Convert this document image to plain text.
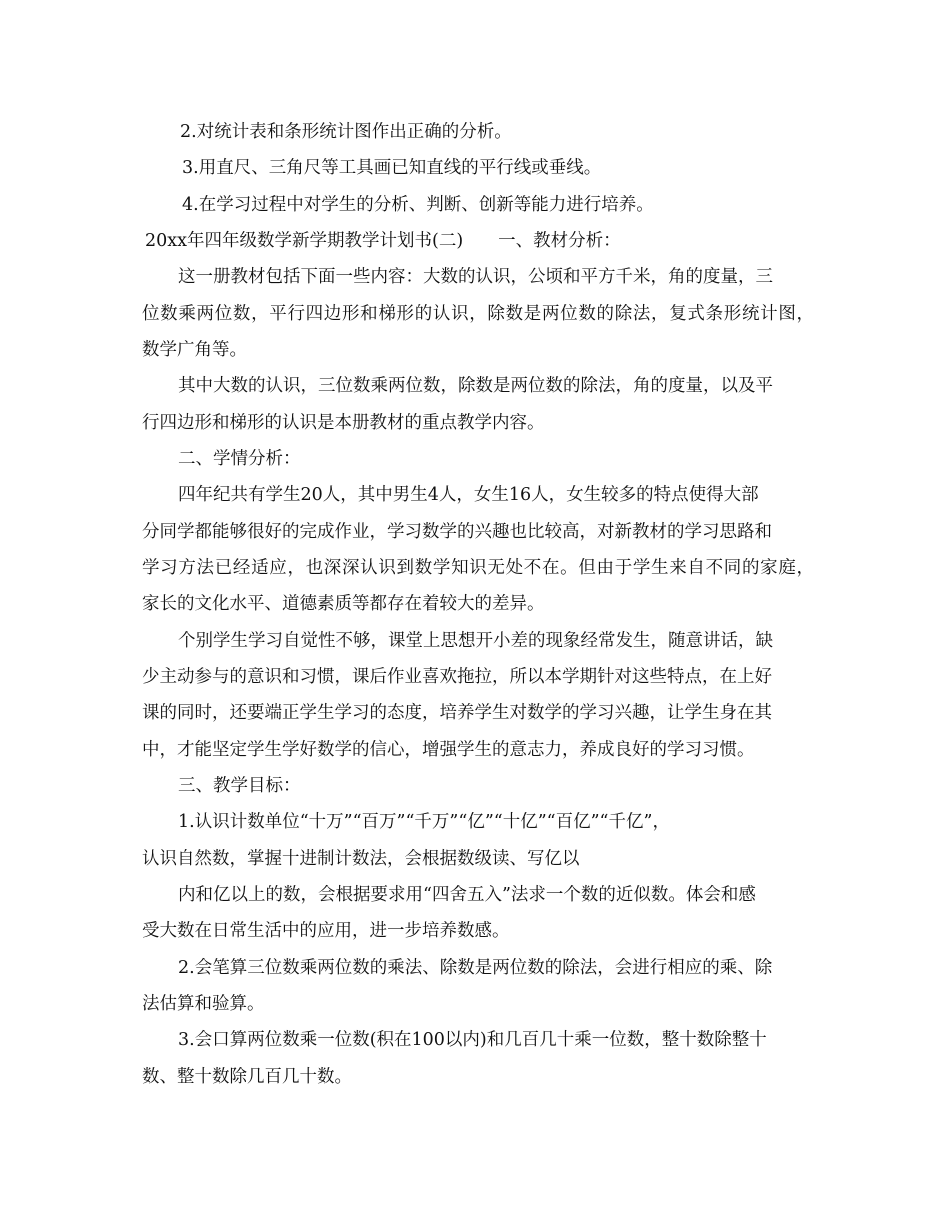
2.对统计表和条形统计图作出正确的分析。
3.用直尺、三角尺等工具画已知直线的平行线或垂线。
4.在学习过程中对学生的分析、判断、创新等能力进行培养。
20xx年四年级数学新学期教学计划书(二)　　一、教材分析：
这一册教材包括下面一些内容：大数的认识，公顷和平方千米，角的度量，三
位数乘两位数，平行四边形和梯形的认识，除数是两位数的除法，复式条形统计图，
数学广角等。
其中大数的认识，三位数乘两位数，除数是两位数的除法，角的度量，以及平
行四边形和梯形的认识是本册教材的重点教学内容。
二、学情分析：
四年纪共有学生20人，其中男生4人，女生16人，女生较多的特点使得大部
分同学都能够很好的完成作业，学习数学的兴趣也比较高，对新教材的学习思路和
学习方法已经适应，也深深认识到数学知识无处不在。但由于学生来自不同的家庭，
家长的文化水平、道德素质等都存在着较大的差异。
个别学生学习自觉性不够，课堂上思想开小差的现象经常发生，随意讲话，缺
少主动参与的意识和习惯，课后作业喜欢拖拉，所以本学期针对这些特点，在上好
课的同时，还要端正学生学习的态度，培养学生对数学的学习兴趣，让学生身在其
中，才能坚定学生学好数学的信心，增强学生的意志力，养成良好的学习习惯。
三、教学目标：
1.认识计数单位“十万”“百万”“千万”“亿”“十亿”“百亿”“千亿”，
认识自然数，掌握十进制计数法，会根据数级读、写亿以
内和亿以上的数，会根据要求用“四舍五入”法求一个数的近似数。体会和感
受大数在日常生活中的应用，进一步培养数感。
2.会笔算三位数乘两位数的乘法、除数是两位数的除法，会进行相应的乘、除
法估算和验算。
3.会口算两位数乘一位数(积在100以内)和几百几十乘一位数，整十数除整十
数、整十数除几百几十数。
